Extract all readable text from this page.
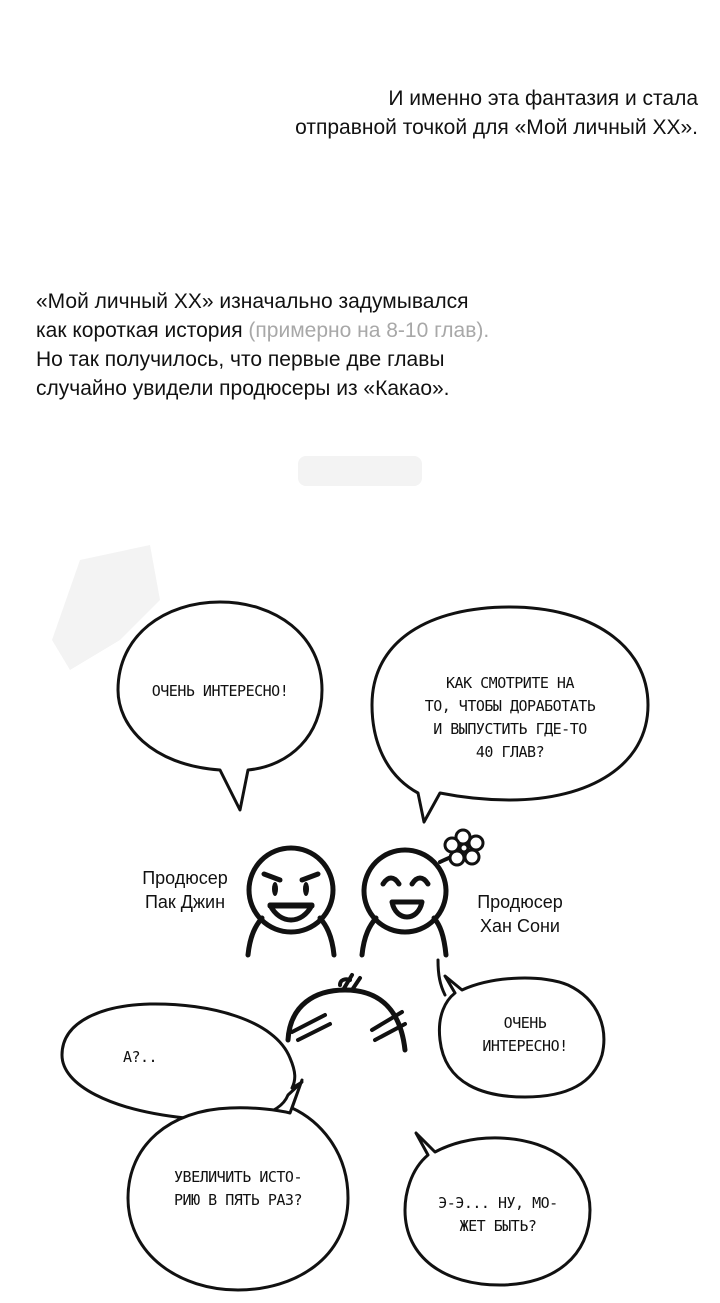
И именно эта фантазия и стала
отправной точкой для «Мой личный XX».

«Мой личный XX» изначально задумывался
как короткая история (примерно на 8-10 глав).
Но так получилось, что первые две главы
случайно увидели продюсеры из «Какао».

ОЧЕНЬ ИНТЕРЕСНО!	КАК СМОТРИТЕ НА
ТО, ЧТОБЫ ДОРАБОТАТЬ
И ВЫПУСТИТЬ ГДЕ-ТО
40 ГЛАВ?
ОЧЕНЬ
ИНТЕРЕСНО!
А?..
УВЕЛИЧИТЬ ИСТО-
РИЮ В ПЯТЬ РАЗ?	Э-Э... НУ, МО-
ЖЕТ БЫТЬ?
Продюсер
Пак Джин	Продюсер
Хан Сони
